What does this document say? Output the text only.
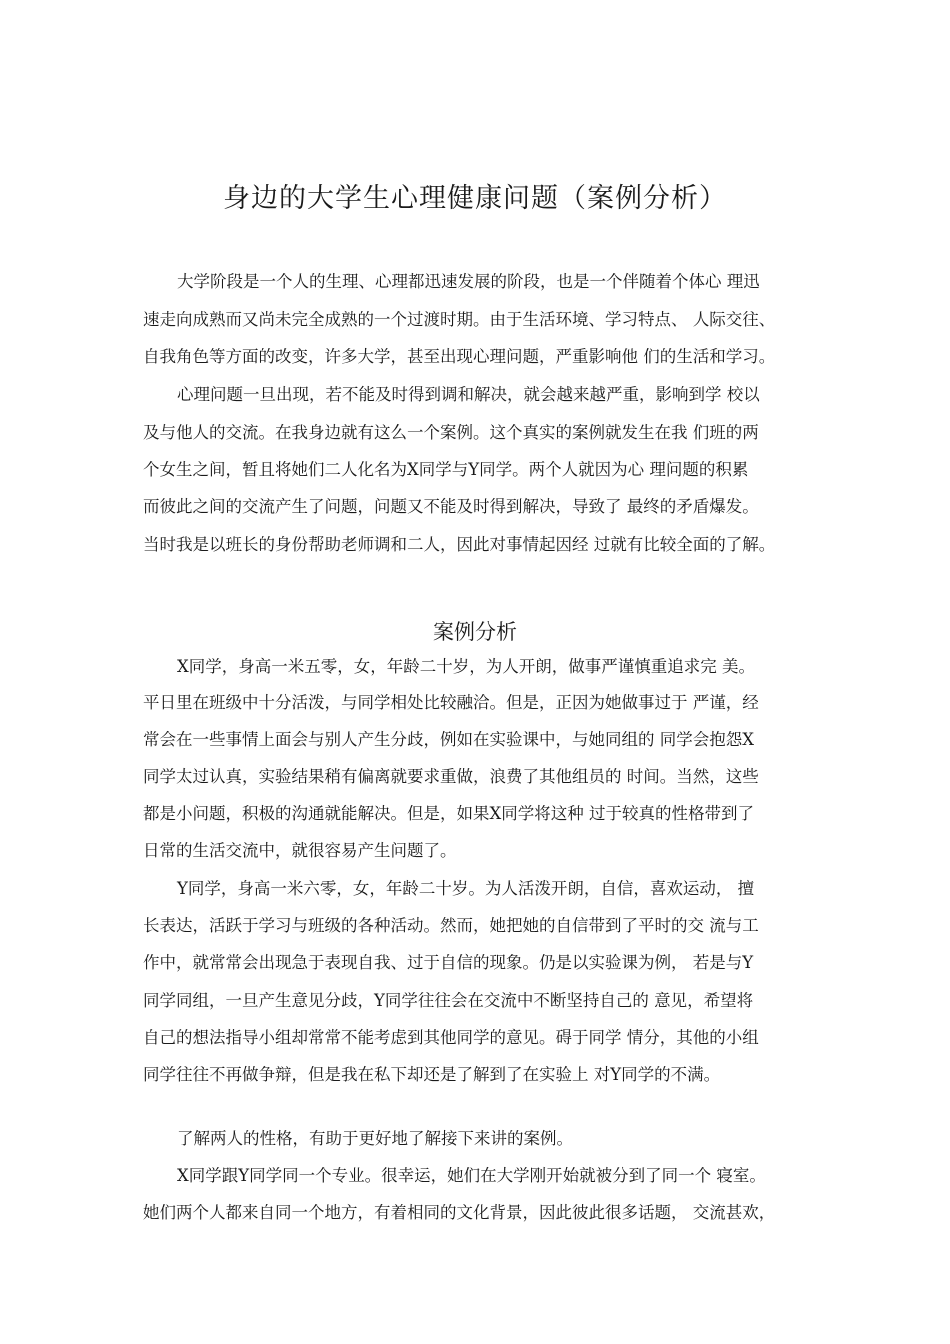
身边的大学生心理健康问题（案例分析）

大学阶段是一个人的生理、心理都迅速发展的阶段，也是一个伴随着个体心 理迅

速走向成熟而又尚未完全成熟的一个过渡时期。由于生活环境、学习特点、 人际交往、

自我角色等方面的改变，许多大学，甚至出现心理问题，严重影响他 们的生活和学习。

心理问题一旦出现，若不能及时得到调和解决，就会越来越严重，影响到学 校以

及与他人的交流。在我身边就有这么一个案例。这个真实的案例就发生在我 们班的两

个女生之间，暂且将她们二人化名为X同学与Y同学。两个人就因为心 理问题的积累

而彼此之间的交流产生了问题，问题又不能及时得到解决，导致了 最终的矛盾爆发。

当时我是以班长的身份帮助老师调和二人，因此对事情起因经 过就有比较全面的了解。

案例分析

X同学，身高一米五零，女，年龄二十岁，为人开朗，做事严谨慎重追求完 美。

平日里在班级中十分活泼，与同学相处比较融洽。但是，正因为她做事过于 严谨，经

常会在一些事情上面会与别人产生分歧，例如在实验课中，与她同组的 同学会抱怨X

同学太过认真，实验结果稍有偏离就要求重做，浪费了其他组员的 时间。当然，这些

都是小问题，积极的沟通就能解决。但是，如果X同学将这种 过于较真的性格带到了

日常的生活交流中，就很容易产生问题了。

Y同学，身高一米六零，女，年龄二十岁。为人活泼开朗，自信，喜欢运动， 擅

长表达，活跃于学习与班级的各种活动。然而，她把她的自信带到了平时的交 流与工

作中，就常常会出现急于表现自我、过于自信的现象。仍是以实验课为例， 若是与Y

同学同组，一旦产生意见分歧，Y同学往往会在交流中不断坚持自己的 意见，希望将

自己的想法指导小组却常常不能考虑到其他同学的意见。碍于同学 情分，其他的小组

同学往往不再做争辩，但是我在私下却还是了解到了在实验上 对Y同学的不满。

了解两人的性格，有助于更好地了解接下来讲的案例。

X同学跟Y同学同一个专业。很幸运，她们在大学刚开始就被分到了同一个 寝室。

她们两个人都来自同一个地方，有着相同的文化背景，因此彼此很多话题， 交流甚欢，
